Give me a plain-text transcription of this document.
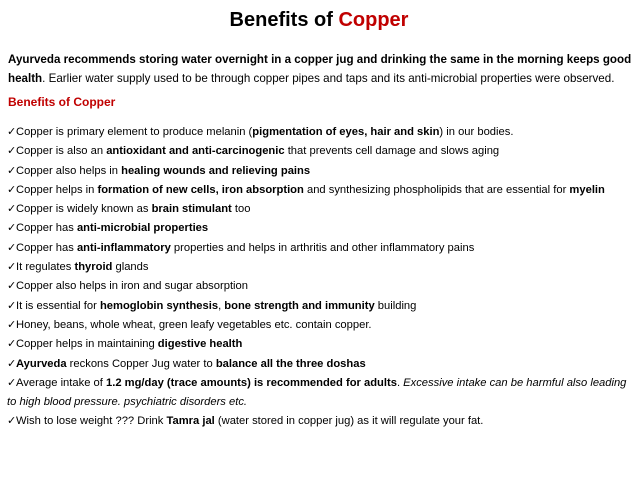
Benefits of Copper
Ayurveda recommends storing water overnight in a copper jug and drinking the same in the morning keeps good health. Earlier water supply used to be through copper pipes and taps and its anti-microbial properties were observed.
Benefits of Copper
✓Copper is primary element to produce melanin (pigmentation of eyes, hair and skin) in our bodies.
✓Copper is also an antioxidant and anti-carcinogenic that prevents cell damage and slows aging
✓Copper also helps in healing wounds and relieving pains
✓Copper helps in formation of new cells, iron absorption and synthesizing phospholipids that are essential for myelin
✓Copper is widely known as brain stimulant too
✓Copper has anti-microbial properties
✓Copper has anti-inflammatory properties and helps in arthritis and other inflammatory pains
✓It regulates thyroid glands
✓Copper also helps in iron and sugar absorption
✓It is essential for hemoglobin synthesis, bone strength and immunity building
✓Honey, beans, whole wheat, green leafy vegetables etc. contain copper.
✓Copper helps in maintaining digestive health
✓Ayurveda reckons Copper Jug water to balance all the three doshas
✓Average intake of 1.2 mg/day (trace amounts) is recommended for adults. Excessive intake can be harmful also leading to high blood pressure. psychiatric disorders etc.
✓Wish to lose weight ??? Drink Tamra jal (water stored in copper jug) as it will regulate your fat.
